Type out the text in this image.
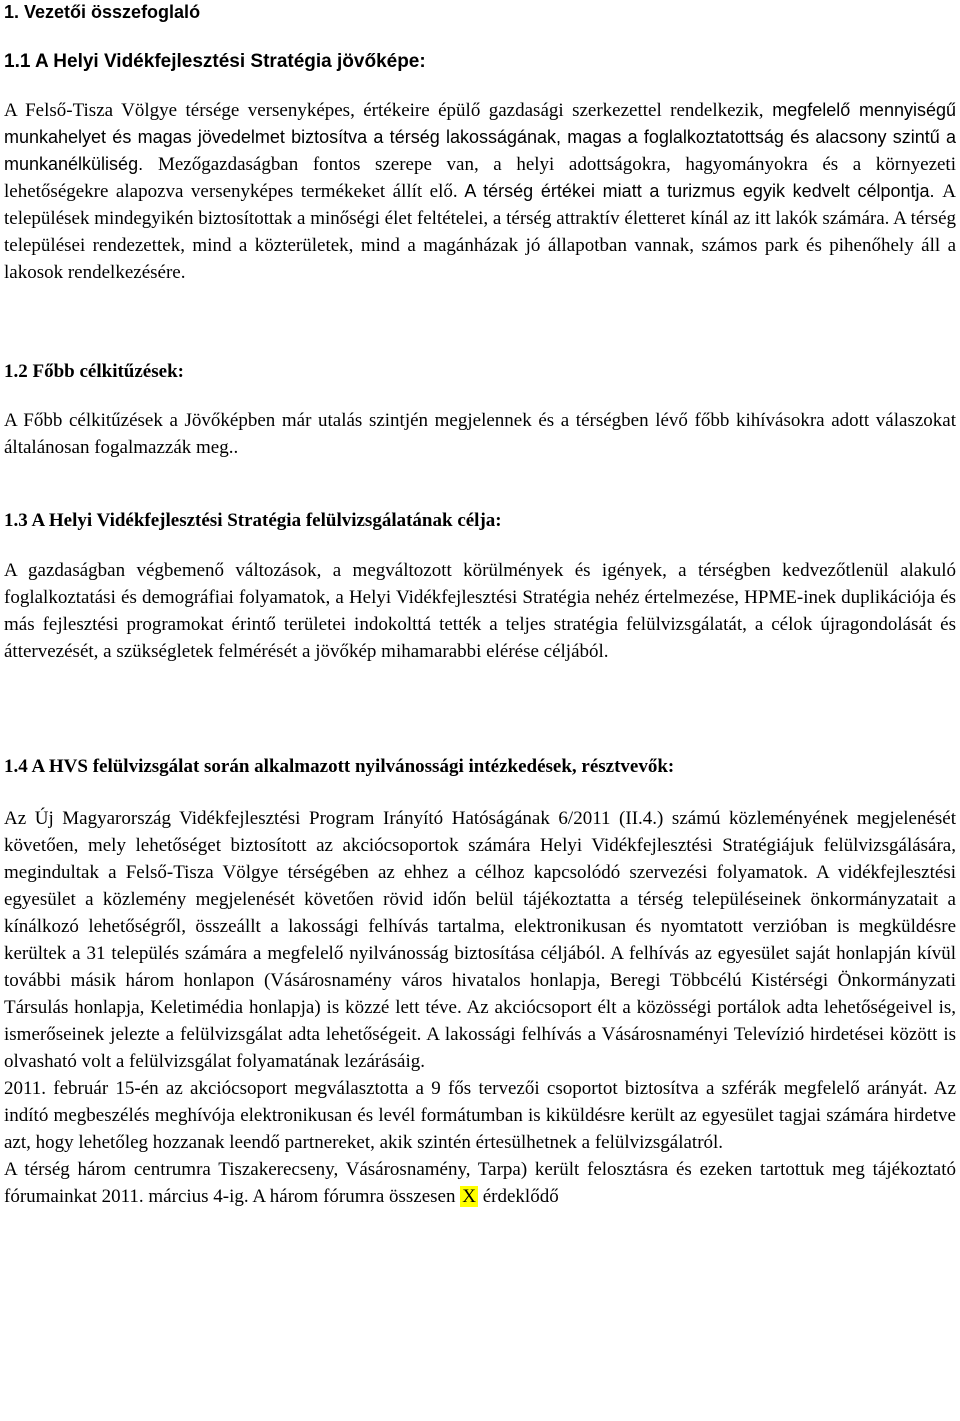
1. Vezetői összefoglaló
1.1 A Helyi Vidékfejlesztési Stratégia jövőképe:

A Felső-Tisza Völgye térsége versenyképes, értékeire épülő gazdasági szerkezettel rendelkezik, megfelelő mennyiségű munkahelyet és magas jövedelmet biztosítva a térség lakosságának, magas a foglalkoztatottság és alacsony szintű a munkanélküliség. Mezőgazdaságban fontos szerepe van, a helyi adottságokra, hagyományokra és a környezeti lehetőségekre alapozva versenyképes termékeket állít elő. A térség értékei miatt a turizmus egyik kedvelt célpontja. A települések mindegyikén biztosítottak a minőségi élet feltételei, a térség attraktív életteret kínál az itt lakók számára. A térség települései rendezettek, mind a közterületek, mind a magánházak jó állapotban vannak, számos park és pihenőhely áll a lakosok rendelkezésére.

1.2 Főbb célkitűzések:

A Főbb célkitűzések a Jövőképben már utalás szintjén megjelennek és a térségben lévő főbb kihívásokra adott válaszokat általánosan fogalmazzák meg..

1.3 A Helyi Vidékfejlesztési Stratégia felülvizsgálatának célja:

A gazdaságban végbemenő változások, a megváltozott körülmények és igények, a térségben kedvezőtlenül alakuló foglalkoztatási és demográfiai folyamatok, a Helyi Vidékfejlesztési Stratégia nehéz értelmezése, HPME-inek duplikációja és más fejlesztési programokat érintő területei indokolttá tették a teljes stratégia felülvizsgálatát, a célok újragondolását és áttervezését, a szükségletek felmérését a jövőkép mihamarabbi elérése céljából.

1.4 A HVS felülvizsgálat során alkalmazott nyilvánossági intézkedések, résztvevők:

Az Új Magyarország Vidékfejlesztési Program Irányító Hatóságának 6/2011 (II.4.) számú közleményének megjelenését követően, mely lehetőséget biztosított az akciócsoportok számára Helyi Vidékfejlesztési Stratégiájuk felülvizsgálására, megindultak a Felső-Tisza Völgye térségében az ehhez a célhoz kapcsolódó szervezési folyamatok. A vidékfejlesztési egyesület a közlemény megjelenését követően rövid időn belül tájékoztatta a térség településeinek önkormányzatait a kínálkozó lehetőségről, összeállt a lakossági felhívás tartalma, elektronikusan és nyomtatott verzióban is megküldésre kerültek a 31 település számára a megfelelő nyilvánosság biztosítása céljából. A felhívás az egyesület saját honlapján kívül további másik három honlapon (Vásárosnamény város hivatalos honlapja, Beregi Többcélú Kistérségi Önkormányzati Társulás honlapja, Keletimédia honlapja) is közzé lett téve. Az akciócsoport élt a közösségi portálok adta lehetőségeivel is, ismerőseinek jelezte a felülvizsgálat adta lehetőségeit. A lakossági felhívás a Vásárosnaményi Televízió hirdetései között is olvasható volt a felülvizsgálat folyamatának lezárásáig.

2011. február 15-én az akciócsoport megválasztotta a 9 fős tervezői csoportot biztosítva a szférák megfelelő arányát. Az indító megbeszélés meghívója elektronikusan és levél formátumban is kiküldésre került az egyesület tagjai számára hirdetve azt, hogy lehetőleg hozzanak leendő partnereket, akik szintén értesülhetnek a felülvizsgálatról.

A térség három centrumra Tiszakerecseny, Vásárosnamény, Tarpa) került felosztásra és ezeken tartottuk meg tájékoztató fórumainkat 2011. március 4-ig. A három fórumra összesen X érdeklődő
